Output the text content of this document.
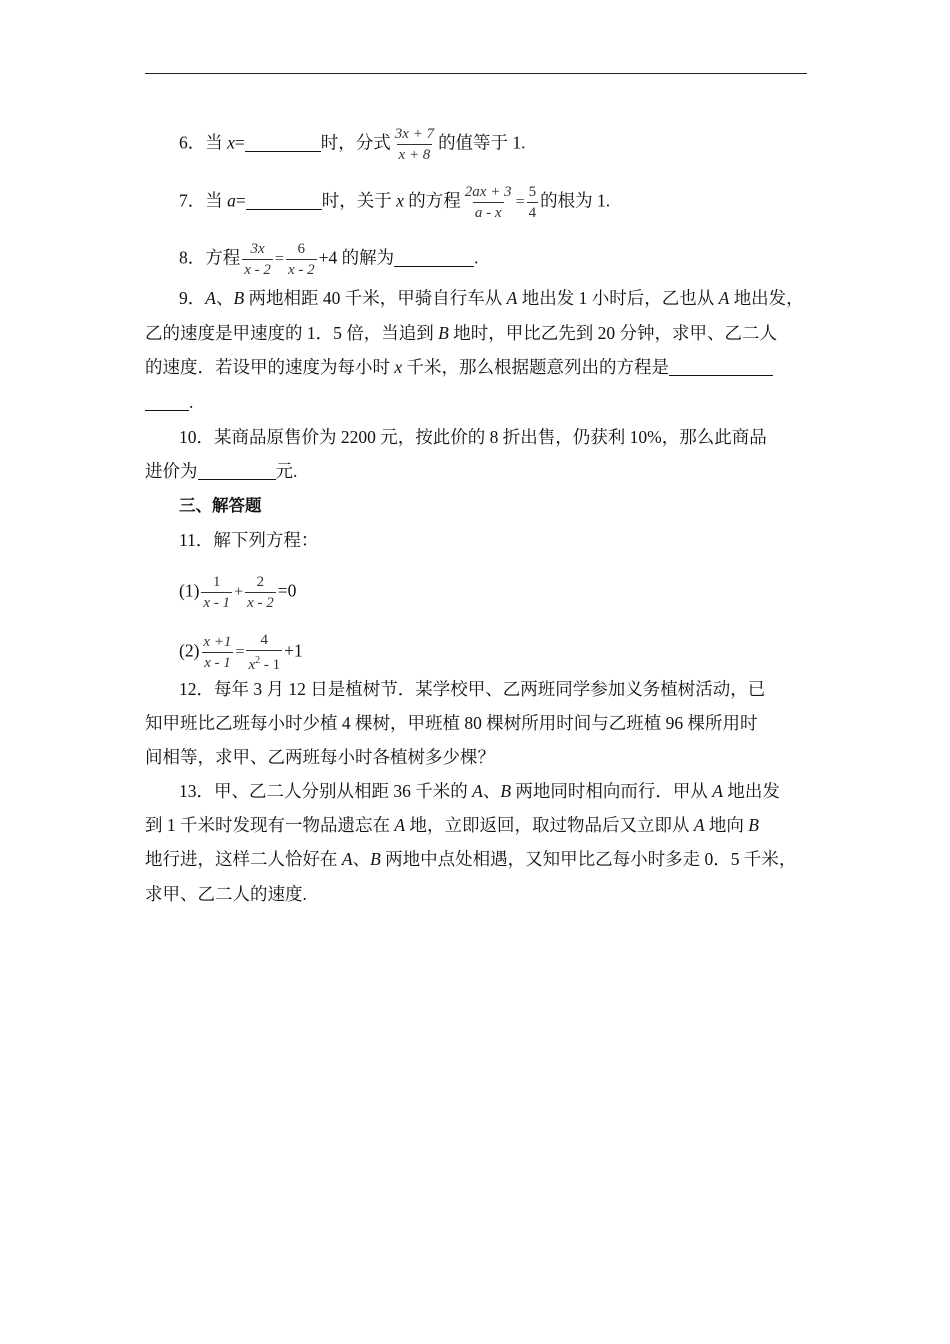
6．当 x=	时，分式 $\frac{3x + 7}{x + 8}$ 的值等于 1.
7．当 a=	时，关于 x 的方程 $\frac{2ax + 3}{a - x} = \frac{5}{4}$ 的根为 1.
8．方程 $\frac{3x}{x - 2} = \frac{6}{x - 2} +4$ 的解为	.
9．A、B 两地相距 40 千米，甲骑自行车从 A 地出发 1 小时后，乙也从 A 地出发，
乙的速度是甲速度的 1．5 倍，当追到 B 地时，甲比乙先到 20 分钟，求甲、乙二人
的速度．若设甲的速度为每小时 x 千米，那么根据题意列出的方程是
.
10．某商品原售价为 2200 元，按此价的 8 折出售，仍获利 10%，那么此商品
进价为	元.
三、解答题
11．解下列方程：
$(1) \frac{1}{x - 1} + \frac{2}{x - 2} =0$
$(2) \frac{x +1}{x - 1} = \frac{4}{x^2 - 1} +1$
12．每年 3 月 12 日是植树节．某学校甲、乙两班同学参加义务植树活动，已
知甲班比乙班每小时少植 4 棵树，甲班植 80 棵树所用时间与乙班植 96 棵所用时
间相等，求甲、乙两班每小时各植树多少棵？
13．甲、乙二人分别从相距 36 千米的 A、B 两地同时相向而行．甲从 A 地出发
到 1 千米时发现有一物品遗忘在 A 地，立即返回，取过物品后又立即从 A 地向 B
地行进，这样二人恰好在 A、B 两地中点处相遇，又知甲比乙每小时多走 0．5 千米，
求甲、乙二人的速度.
